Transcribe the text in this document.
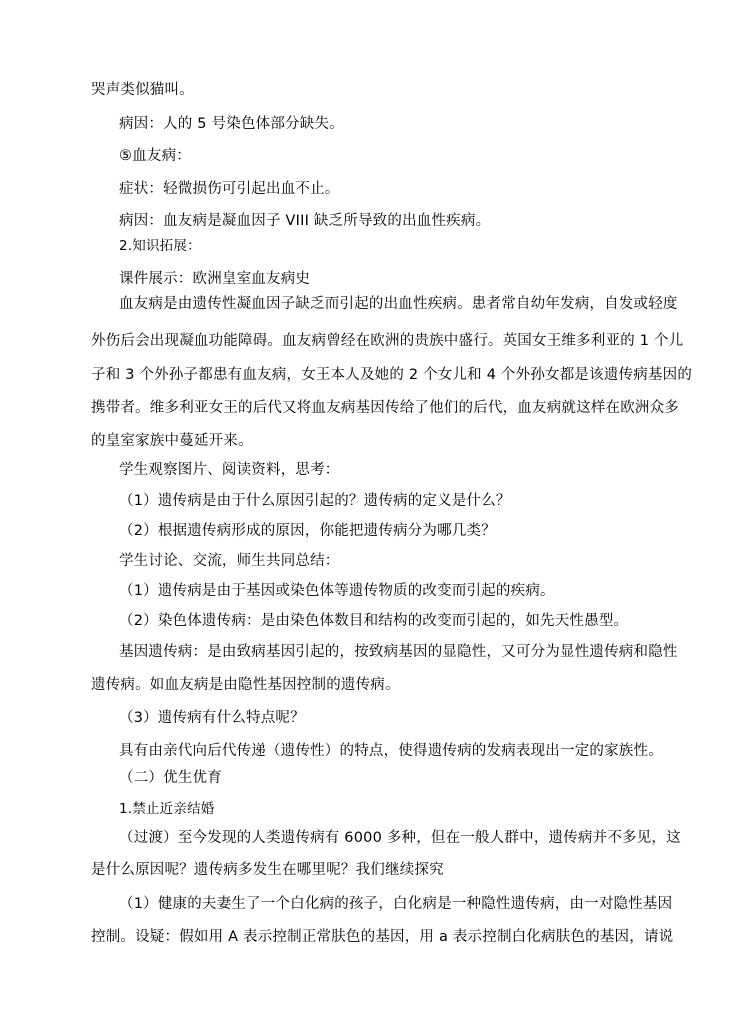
哭声类似猫叫。
病因：人的 5 号染色体部分缺失。
⑤血友病：
症状：轻微损伤可引起出血不止。
病因：血友病是凝血因子 VIII 缺乏所导致的出血性疾病。
2.知识拓展：
课件展示：欧洲皇室血友病史
血友病是由遗传性凝血因子缺乏而引起的出血性疾病。患者常自幼年发病，自发或轻度
外伤后会出现凝血功能障碍。血友病曾经在欧洲的贵族中盛行。英国女王维多利亚的 1 个儿
子和 3 个外孙子都患有血友病，女王本人及她的 2 个女儿和 4 个外孙女都是该遗传病基因的
携带者。维多利亚女王的后代又将血友病基因传给了他们的后代，血友病就这样在欧洲众多
的皇室家族中蔓延开来。
学生观察图片、阅读资料，思考：
（1）遗传病是由于什么原因引起的？遗传病的定义是什么？
（2）根据遗传病形成的原因，你能把遗传病分为哪几类？
学生讨论、交流，师生共同总结：
（1）遗传病是由于基因或染色体等遗传物质的改变而引起的疾病。
（2）染色体遗传病：是由染色体数目和结构的改变而引起的，如先天性愚型。
基因遗传病：是由致病基因引起的，按致病基因的显隐性，又可分为显性遗传病和隐性
遗传病。如血友病是由隐性基因控制的遗传病。
（3）遗传病有什么特点呢？
具有由亲代向后代传递（遗传性）的特点，使得遗传病的发病表现出一定的家族性。
（二）优生优育
1.禁止近亲结婚
（过渡）至今发现的人类遗传病有 6000 多种，但在一般人群中，遗传病并不多见，这
是什么原因呢？遗传病多发生在哪里呢？我们继续探究
（1）健康的夫妻生了一个白化病的孩子，白化病是一种隐性遗传病，由一对隐性基因
控制。设疑：假如用 A 表示控制正常肤色的基因，用 a 表示控制白化病肤色的基因，请说
